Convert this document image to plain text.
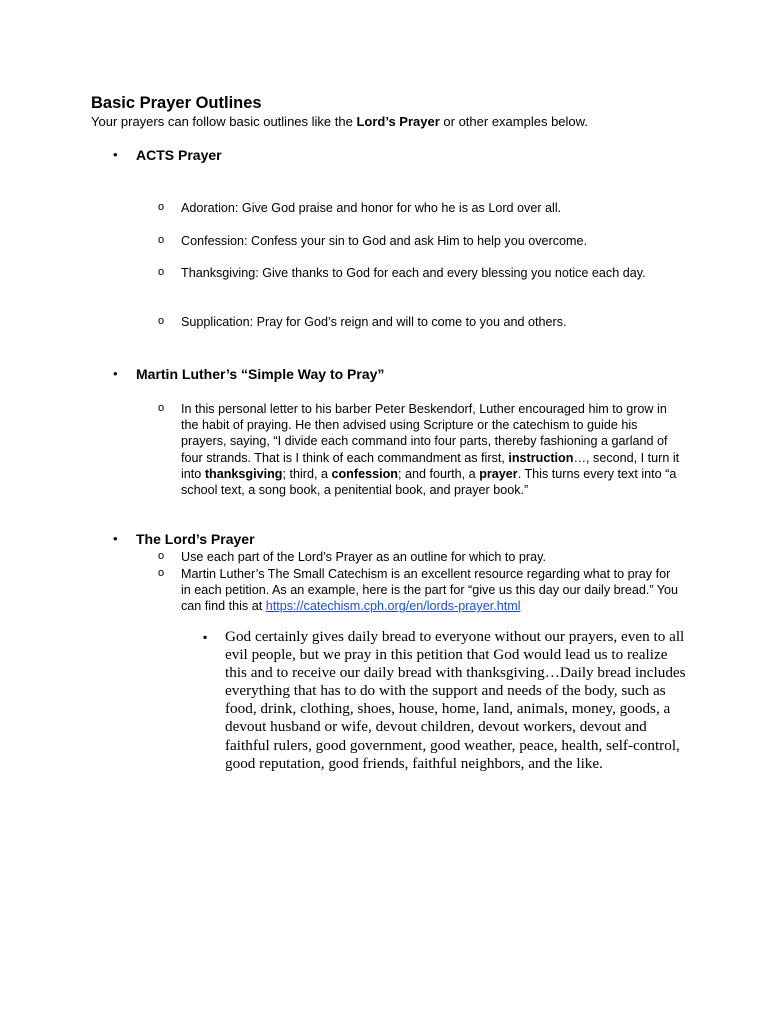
Basic Prayer Outlines

Your prayers can follow basic outlines like the Lord’s Prayer or other examples below.

• ACTS Prayer
o Adoration: Give God praise and honor for who he is as Lord over all.
o Confession: Confess your sin to God and ask Him to help you overcome.
o Thanksgiving: Give thanks to God for each and every blessing you notice each day.
o Supplication: Pray for God’s reign and will to come to you and others.
• Martin Luther’s “Simple Way to Pray”
o In this personal letter to his barber Peter Beskendorf, Luther encouraged him to grow in the habit of praying. He then advised using Scripture or the catechism to guide his prayers, saying, “I divide each command into four parts, thereby fashioning a garland of four strands. That is I think of each commandment as first, instruction…, second, I turn it into thanksgiving; third, a confession; and fourth, a prayer. This turns every text into “a school text, a song book, a penitential book, and prayer book.”
• The Lord’s Prayer
o Use each part of the Lord’s Prayer as an outline for which to pray.
o Martin Luther’s The Small Catechism is an excellent resource regarding what to pray for in each petition. As an example, here is the part for “give us this day our daily bread.” You can find this at https://catechism.cph.org/en/lords-prayer.html
▪ God certainly gives daily bread to everyone without our prayers, even to all evil people, but we pray in this petition that God would lead us to realize this and to receive our daily bread with thanksgiving…Daily bread includes everything that has to do with the support and needs of the body, such as food, drink, clothing, shoes, house, home, land, animals, money, goods, a devout husband or wife, devout children, devout workers, devout and faithful rulers, good government, good weather, peace, health, self-control, good reputation, good friends, faithful neighbors, and the like.
